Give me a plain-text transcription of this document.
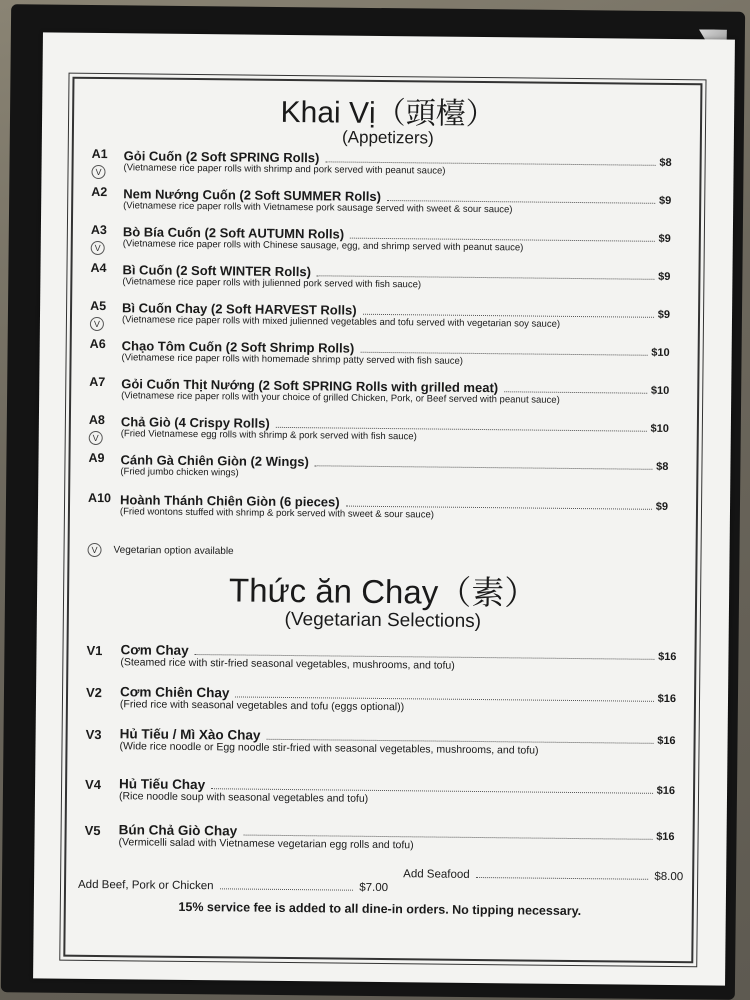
Khai Vị（頭檯）
(Appetizers)
A1
V
Gỏi Cuốn (2 Soft SPRING Rolls)	$8
(Vietnamese rice paper rolls with shrimp and pork served with peanut sauce)
A2 Nem Nướng Cuốn (2 Soft SUMMER Rolls)	$9
(Vietnamese rice paper rolls with Vietnamese pork sausage served with sweet & sour sauce)
A3
V
Bò Bía Cuốn (2 Soft AUTUMN Rolls)	$9
(Vietnamese rice paper rolls with Chinese sausage, egg, and shrimp served with peanut sauce)
A4 Bì Cuốn (2 Soft WINTER Rolls)	$9
(Vietnamese rice paper rolls with julienned pork served with fish sauce)
A5
V
Bì Cuốn Chay (2 Soft HARVEST Rolls)	$9
(Vietnamese rice paper rolls with mixed julienned vegetables and tofu served with vegetarian soy sauce)
A6 Chạo Tôm Cuốn (2 Soft Shrimp Rolls)	$10
(Vietnamese rice paper rolls with homemade shrimp patty served with fish sauce)
A7 Gỏi Cuốn Thịt Nướng (2 Soft SPRING Rolls with grilled meat)	$10
(Vietnamese rice paper rolls with your choice of grilled Chicken, Pork, or Beef served with peanut sauce)
A8
V
Chả Giò (4 Crispy Rolls)	$10
(Fried Vietnamese egg rolls with shrimp & pork served with fish sauce)
A9 Cánh Gà Chiên Giòn (2 Wings)	$8
(Fried jumbo chicken wings)
A10 Hoành Thánh Chiên Giòn (6 pieces)	$9
(Fried wontons stuffed with shrimp & pork served with sweet & sour sauce)
V Vegetarian option available
Thức ăn Chay（素）
(Vegetarian Selections)
V1 Cơm Chay	$16
(Steamed rice with stir-fried seasonal vegetables, mushrooms, and tofu)
V2 Cơm Chiên Chay	$16
(Fried rice with seasonal vegetables and tofu (eggs optional))
V3 Hủ Tiếu / Mì Xào Chay	$16
(Wide rice noodle or Egg noodle stir-fried with seasonal vegetables, mushrooms, and tofu)
V4 Hủ Tiếu Chay	$16
(Rice noodle soup with seasonal vegetables and tofu)
V5 Bún Chả Giò Chay	$16
(Vermicelli salad with Vietnamese vegetarian egg rolls and tofu)
Add Beef, Pork or Chicken	$7.00
Add Seafood	$8.00
15% service fee is added to all dine-in orders. No tipping necessary.
